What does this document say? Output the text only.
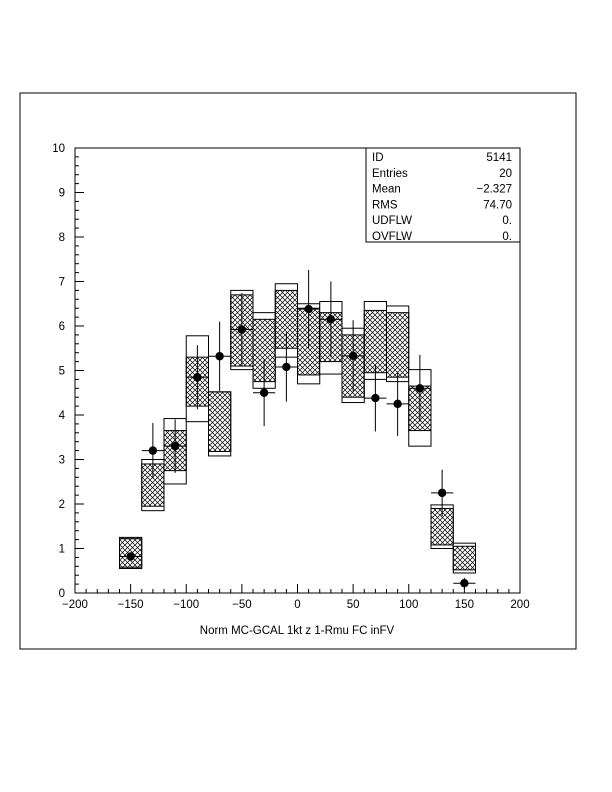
0
1
2
3
4
5
6
7
8
9
10
−200	−150	−100	−50	0	50	100	150	200
Norm MC-GCAL 1kt z 1-Rmu FC inFV
ID	5141
Entries	20
Mean	−2.327
RMS	74.70
UDFLW	0.
OVFLW	0.
